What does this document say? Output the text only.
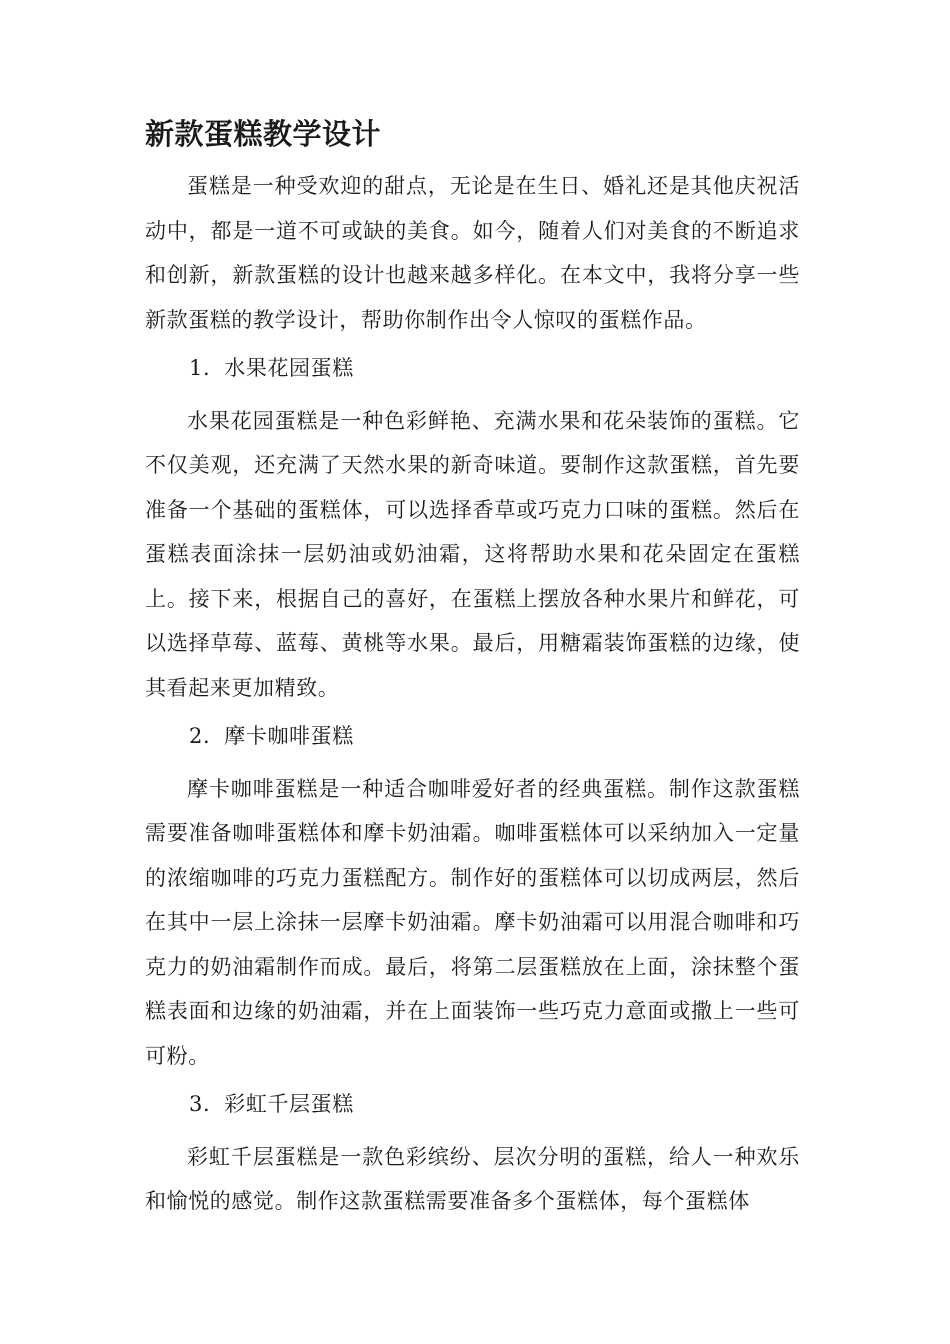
新款蛋糕教学设计

蛋糕是一种受欢迎的甜点，无论是在生日、婚礼还是其他庆祝活动中，都是一道不可或缺的美食。如今，随着人们对美食的不断追求和创新，新款蛋糕的设计也越来越多样化。在本文中，我将分享一些新款蛋糕的教学设计，帮助你制作出令人惊叹的蛋糕作品。

1. 水果花园蛋糕

水果花园蛋糕是一种色彩鲜艳、充满水果和花朵装饰的蛋糕。它不仅美观，还充满了天然水果的新奇味道。要制作这款蛋糕，首先要准备一个基础的蛋糕体，可以选择香草或巧克力口味的蛋糕。然后在蛋糕表面涂抹一层奶油或奶油霜，这将帮助水果和花朵固定在蛋糕上。接下来，根据自己的喜好，在蛋糕上摆放各种水果片和鲜花，可以选择草莓、蓝莓、黄桃等水果。最后，用糖霜装饰蛋糕的边缘，使其看起来更加精致。

2. 摩卡咖啡蛋糕

摩卡咖啡蛋糕是一种适合咖啡爱好者的经典蛋糕。制作这款蛋糕需要准备咖啡蛋糕体和摩卡奶油霜。咖啡蛋糕体可以采纳加入一定量的浓缩咖啡的巧克力蛋糕配方。制作好的蛋糕体可以切成两层，然后在其中一层上涂抹一层摩卡奶油霜。摩卡奶油霜可以用混合咖啡和巧克力的奶油霜制作而成。最后，将第二层蛋糕放在上面，涂抹整个蛋糕表面和边缘的奶油霜，并在上面装饰一些巧克力意面或撒上一些可可粉。

3. 彩虹千层蛋糕

彩虹千层蛋糕是一款色彩缤纷、层次分明的蛋糕，给人一种欢乐和愉悦的感觉。制作这款蛋糕需要准备多个蛋糕体，每个蛋糕体
